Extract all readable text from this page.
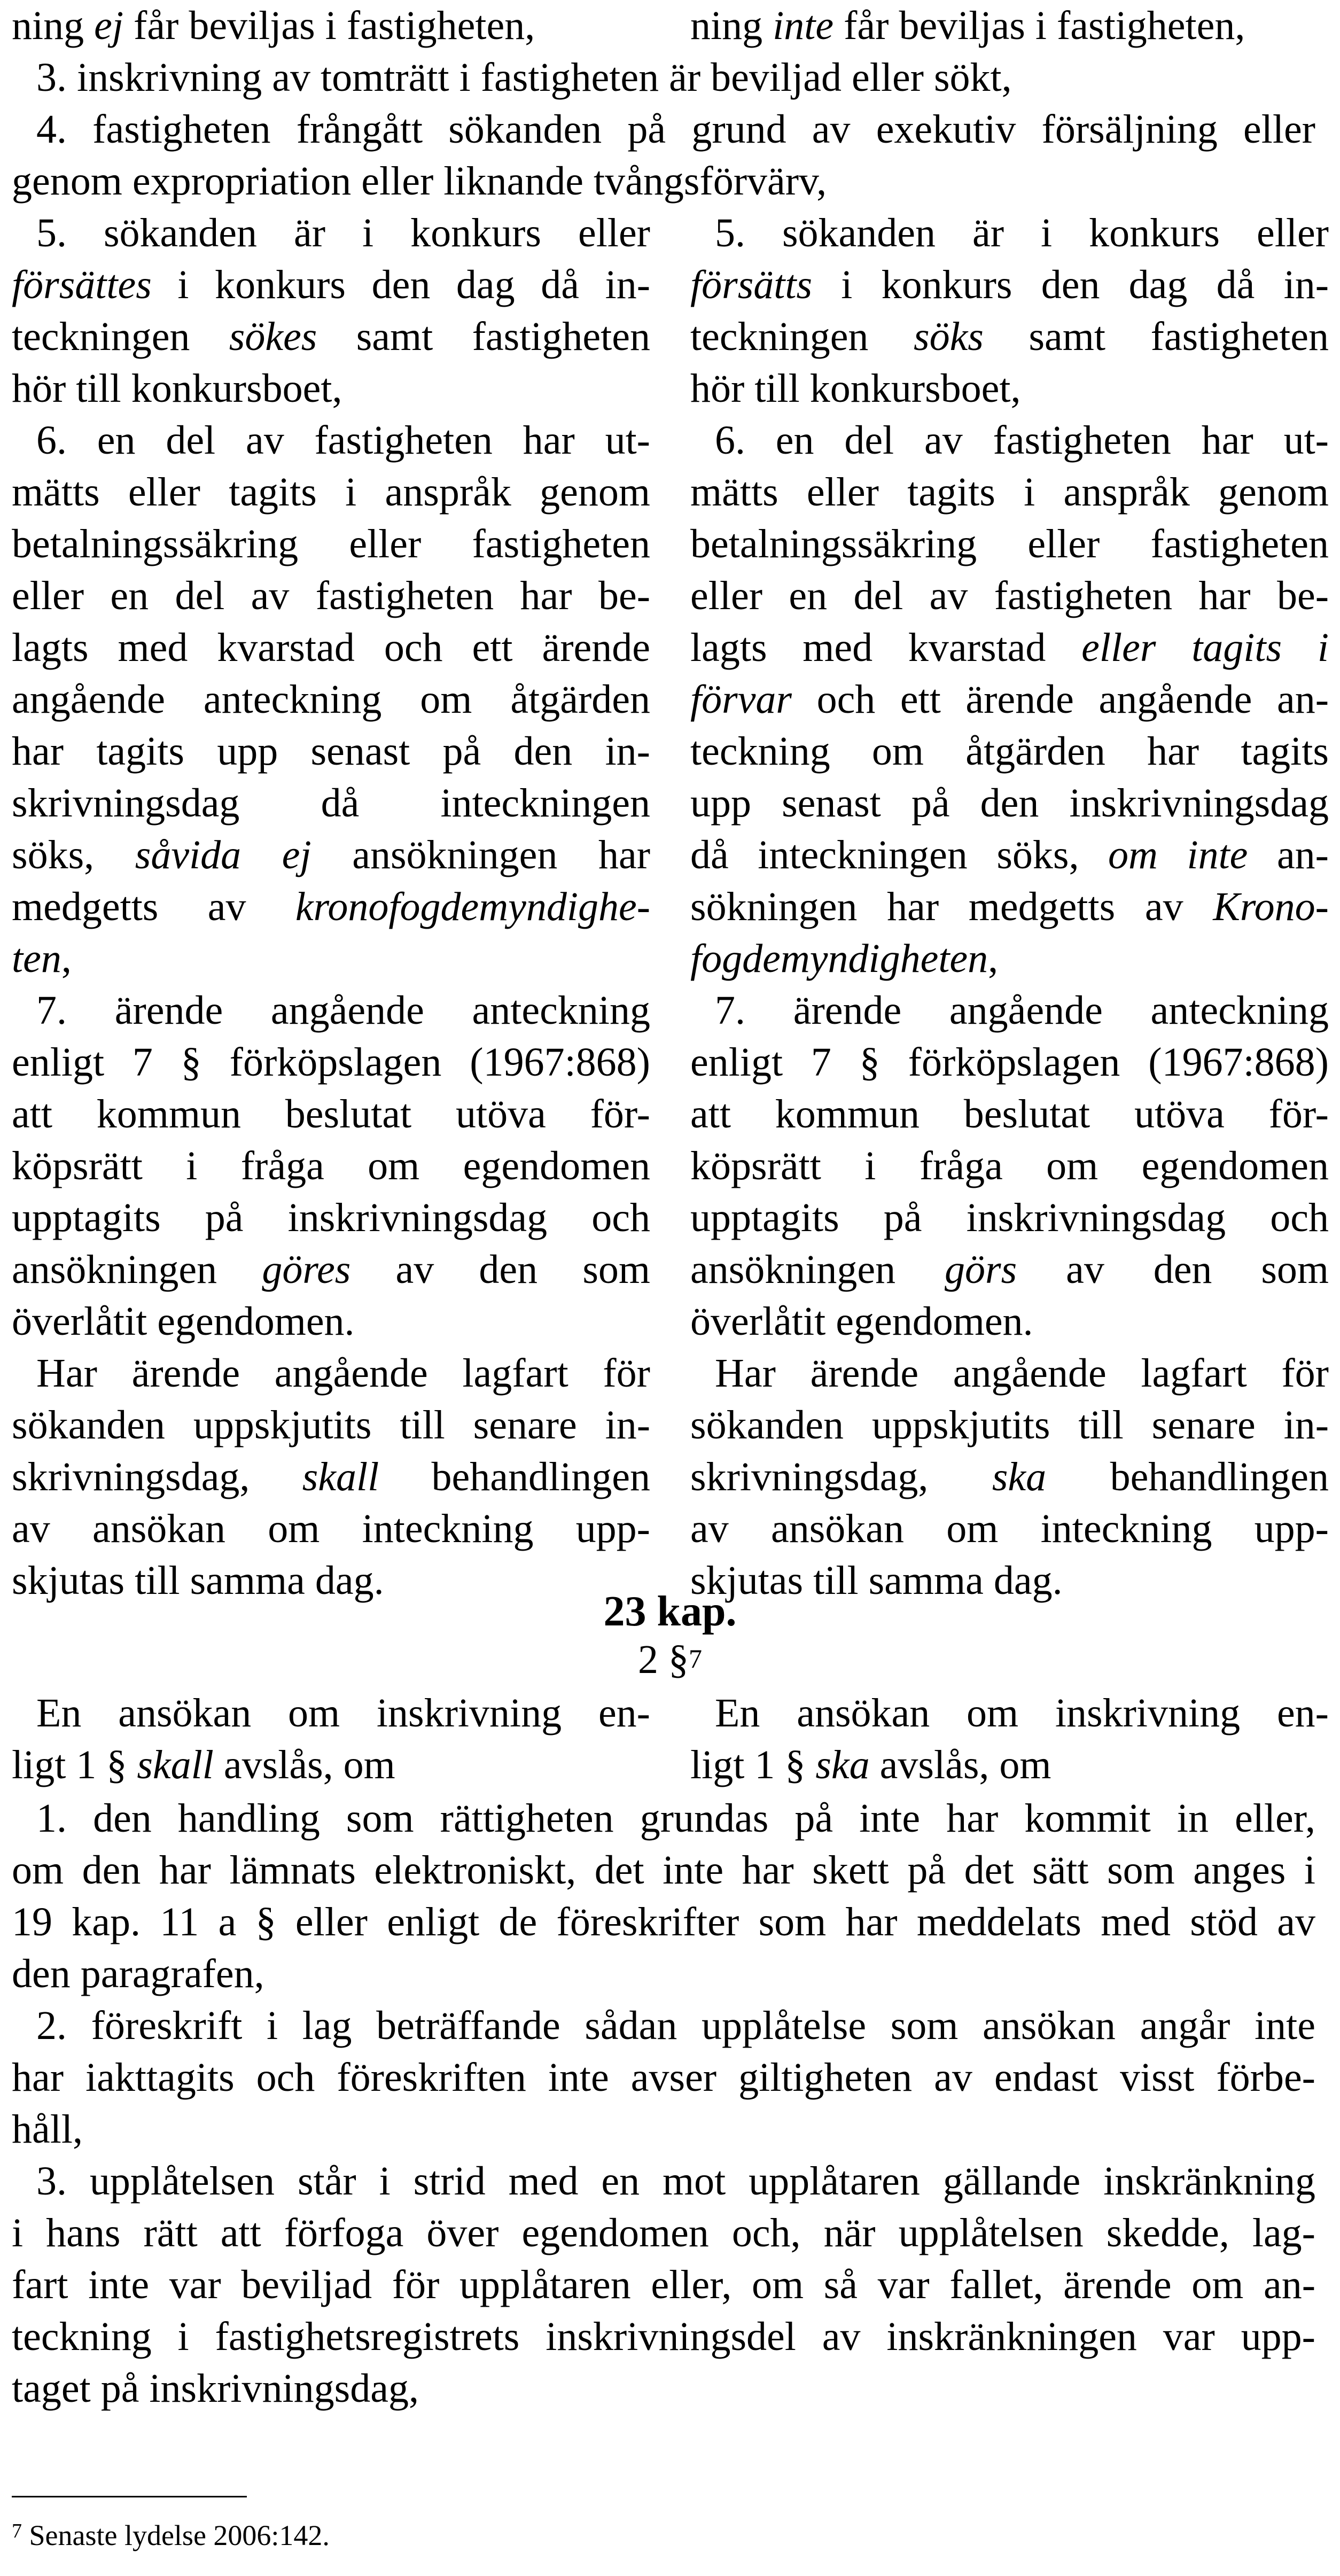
ning ej får beviljas i fastigheten,	ning inte får beviljas i fastigheten,
3. inskrivning av tomträtt i fastigheten är beviljad eller sökt,
4. fastigheten frångått sökanden på grund av exekutiv försäljning eller
genom expropriation eller liknande tvångsförvärv,
5. sökanden är i konkurs eller
försättes i konkurs den dag då in-
teckningen sökes samt fastigheten
hör till konkursboet,
6. en del av fastigheten har ut-
mätts eller tagits i anspråk genom
betalningssäkring eller fastigheten
eller en del av fastigheten har be-
lagts med kvarstad och ett ärende
angående anteckning om åtgärden
har tagits upp senast på den in-
skrivningsdag då inteckningen
söks, såvida ej ansökningen har
medgetts av kronofogdemyndighe-
ten,
7. ärende angående anteckning
enligt 7 § förköpslagen (1967:868)
att kommun beslutat utöva för-
köpsrätt i fråga om egendomen
upptagits på inskrivningsdag och
ansökningen göres av den som
överlåtit egendomen.
Har ärende angående lagfart för
sökanden uppskjutits till senare in-
skrivningsdag, skall behandlingen
av ansökan om inteckning upp-
skjutas till samma dag.
5. sökanden är i konkurs eller
försätts i konkurs den dag då in-
teckningen söks samt fastigheten
hör till konkursboet,
6. en del av fastigheten har ut-
mätts eller tagits i anspråk genom
betalningssäkring eller fastigheten
eller en del av fastigheten har be-
lagts med kvarstad eller tagits i
förvar och ett ärende angående an-
teckning om åtgärden har tagits
upp senast på den inskrivningsdag
då inteckningen söks, om inte an-
sökningen har medgetts av Krono-
fogdemyndigheten,
7. ärende angående anteckning
enligt 7 § förköpslagen (1967:868)
att kommun beslutat utöva för-
köpsrätt i fråga om egendomen
upptagits på inskrivningsdag och
ansökningen görs av den som
överlåtit egendomen.
Har ärende angående lagfart för
sökanden uppskjutits till senare in-
skrivningsdag, ska behandlingen
av ansökan om inteckning upp-
skjutas till samma dag.
23 kap.
2 §$^7$
En ansökan om inskrivning en-
ligt 1 § skall avslås, om
En ansökan om inskrivning en-
ligt 1 § ska avslås, om
1. den handling som rättigheten grundas på inte har kommit in eller,
om den har lämnats elektroniskt, det inte har skett på det sätt som anges i
19 kap. 11 a § eller enligt de föreskrifter som har meddelats med stöd av
den paragrafen,
2. föreskrift i lag beträffande sådan upplåtelse som ansökan angår inte
har iakttagits och föreskriften inte avser giltigheten av endast visst förbe-
håll,
3. upplåtelsen står i strid med en mot upplåtaren gällande inskränkning
i hans rätt att förfoga över egendomen och, när upplåtelsen skedde, lag-
fart inte var beviljad för upplåtaren eller, om så var fallet, ärende om an-
teckning i fastighetsregistrets inskrivningsdel av inskränkningen var upp-
taget på inskrivningsdag,
$^7$ Senaste lydelse 2006:142.
